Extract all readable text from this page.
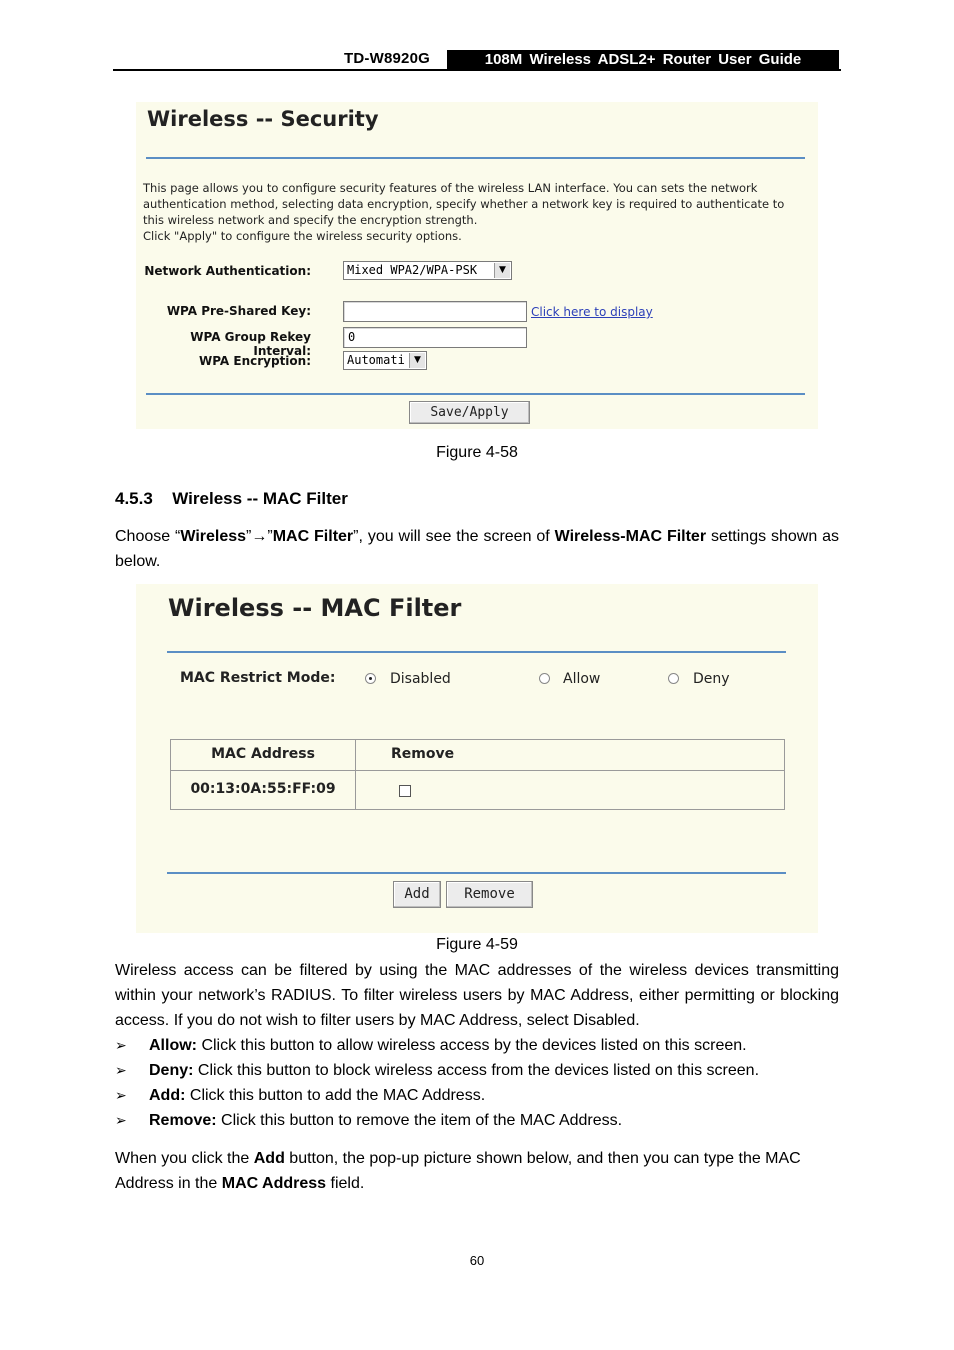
TD-W8920G	108M Wireless ADSL2+ Router User Guide
Wireless -- Security
This page allows you to configure security features of the wireless LAN interface. You can sets the network
authentication method, selecting data encryption, specify whether a network key is required to authenticate to
this wireless network and specify the encryption strength.
Click "Apply" to configure the wireless security options.
Network Authentication:	Mixed WPA2/WPA-PSK	▼
WPA Pre-Shared Key:	Click here to display
WPA Group Rekey Interval:
0
WPA Encryption:	Automati	▼
Save/Apply
Figure 4-58
4.5.3 Wireless -- MAC Filter
Choose “Wireless”→”MAC Filter”, you will see the screen of Wireless-MAC Filter settings shown as below.
Wireless -- MAC Filter
MAC Restrict Mode:	Disabled	Allow	Deny
MAC Address	Remove
00:13:0A:55:FF:09
Add	Remove
Figure 4-59
Wireless access can be filtered by using the MAC addresses of the wireless devices transmitting within your network’s RADIUS. To filter wireless users by MAC Address, either permitting or blocking access. If you do not wish to filter users by MAC Address, select Disabled.
➢ Allow: Click this button to allow wireless access by the devices listed on this screen.
➢ Deny: Click this button to block wireless access from the devices listed on this screen.
➢ Add: Click this button to add the MAC Address.
➢ Remove: Click this button to remove the item of the MAC Address.
When you click the Add button, the pop-up picture shown below, and then you can type the MAC Address in the MAC Address field.
60
